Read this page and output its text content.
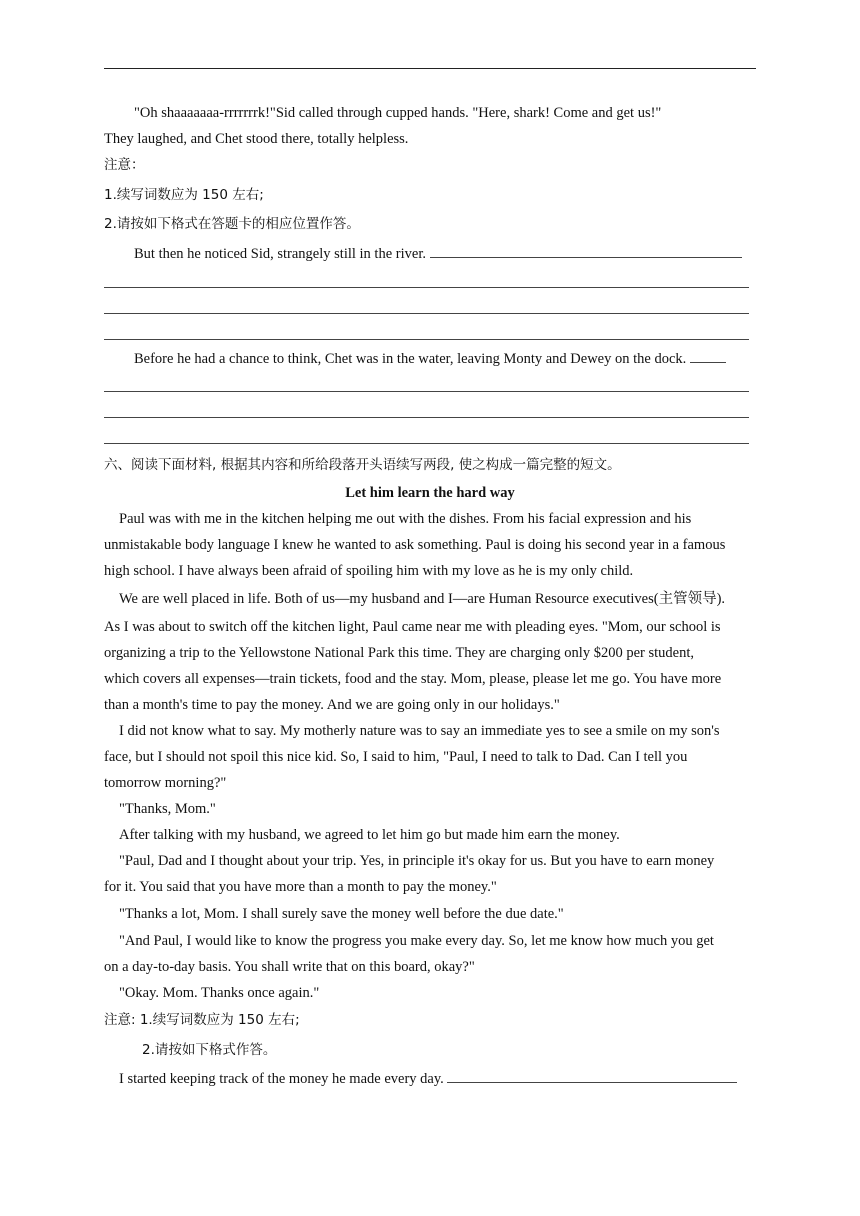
"Oh shaaaaaaa-rrrrrrrk!"Sid called through cupped hands. "Here, shark! Come and get us!"
They laughed, and Chet stood there, totally helpless.
注意：
1.续写词数应为 150 左右;
2.请按如下格式在答题卡的相应位置作答。
But then he noticed Sid, strangely still in the river.
Before he had a chance to think, Chet was in the water, leaving Monty and Dewey on the dock.
六、阅读下面材料, 根据其内容和所给段落开头语续写两段, 使之构成一篇完整的短文。
Let him learn the hard way
Paul was with me in the kitchen helping me out with the dishes. From his facial expression and his
unmistakable body language I knew he wanted to ask something. Paul is doing his second year in a famous
high school. I have always been afraid of spoiling him with my love as he is my only child.
We are well placed in life. Both of us—my husband and I—are Human Resource executives(主管领导).
As I was about to switch off the kitchen light, Paul came near me with pleading eyes. "Mom, our school is
organizing a trip to the Yellowstone National Park this time. They are charging only $200 per student,
which covers all expenses—train tickets, food and the stay. Mom, please, please let me go. You have more
than a month's time to pay the money. And we are going only in our holidays."
I did not know what to say. My motherly nature was to say an immediate yes to see a smile on my son's
face, but I should not spoil this nice kid. So, I said to him, "Paul, I need to talk to Dad. Can I tell you
tomorrow morning?"
"Thanks, Mom."
After talking with my husband, we agreed to let him go but made him earn the money.
"Paul, Dad and I thought about your trip. Yes, in principle it's okay for us. But you have to earn money
for it. You said that you have more than a month to pay the money."
"Thanks a lot, Mom. I shall surely save the money well before the due date."
"And Paul, I would like to know the progress you make every day. So, let me know how much you get
on a day-to-day basis. You shall write that on this board, okay?"
"Okay. Mom. Thanks once again."
注意: 1.续写词数应为 150 左右;
2.请按如下格式作答。
I started keeping track of the money he made every day.
